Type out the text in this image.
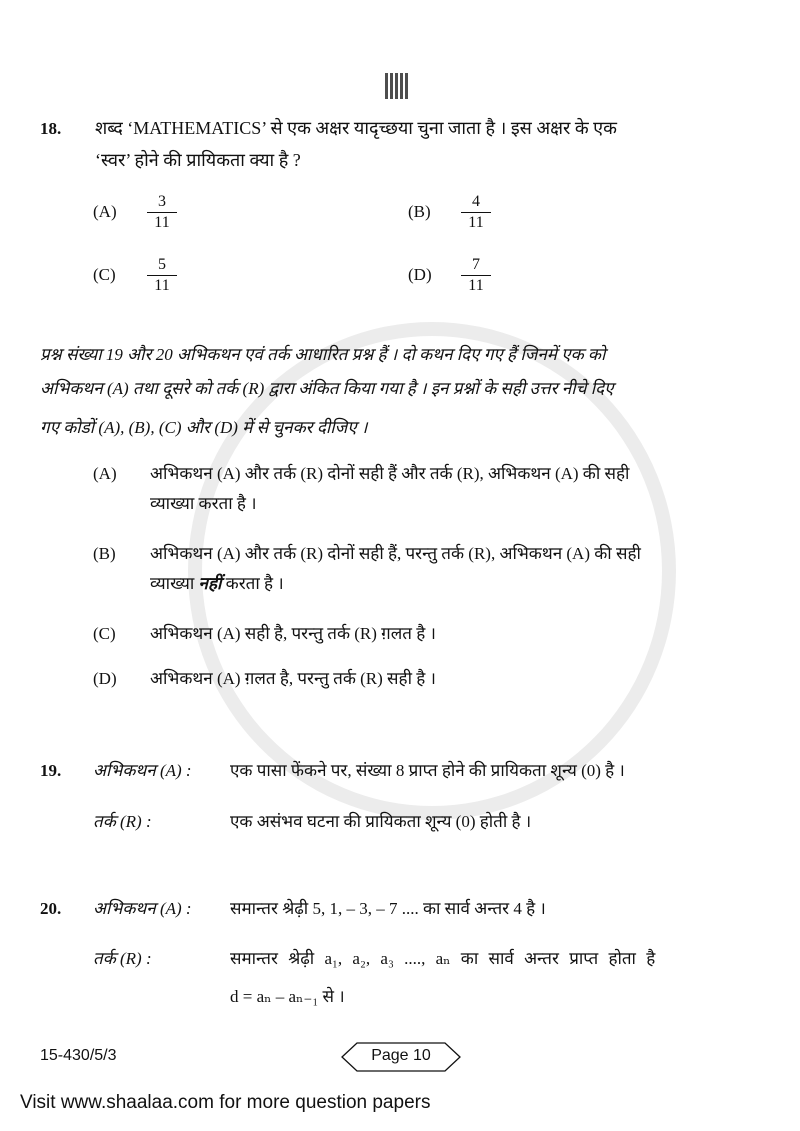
18.	शब्द ‘MATHEMATICS’ से एक अक्षर यादृच्छया चुना जाता है । इस अक्षर के एक
‘स्वर’ होने की प्रायिकता क्या है ?
$(A) \frac{3}{11}$	$(B) \frac{4}{11}$
$(C) \frac{5}{11}$	$(D) \frac{7}{11}$
प्रश्न संख्या 19 और 20 अभिकथन एवं तर्क आधारित प्रश्न हैं । दो कथन दिए गए हैं जिनमें एक को
अभिकथन (A) तथा दूसरे को तर्क (R) द्वारा अंकित किया गया है । इन प्रश्नों के सही उत्तर नीचे दिए
गए कोडों (A), (B), (C) और (D) में से चुनकर दीजिए ।
(A)	अभिकथन (A) और तर्क (R) दोनों सही हैं और तर्क (R), अभिकथन (A) की सही
व्याख्या करता है ।
(B)	अभिकथन (A) और तर्क (R) दोनों सही हैं, परन्तु तर्क (R), अभिकथन (A) की सही
व्याख्या नहीं करता है ।
(C)	अभिकथन (A) सही है, परन्तु तर्क (R) ग़लत है ।
(D)	अभिकथन (A) ग़लत है, परन्तु तर्क (R) सही है ।
19.	अभिकथन (A) :	एक पासा फेंकने पर, संख्या 8 प्राप्त होने की प्रायिकता शून्य (0) है ।
तर्क (R) :	एक असंभव घटना की प्रायिकता शून्य (0) होती है ।
20.	अभिकथन (A) :	समान्तर श्रेढ़ी 5, 1, – 3, – 7 .... का सार्व अन्तर 4 है ।
तर्क (R) :	समान्तर श्रेढ़ी a₁, a₂, a₃ ...., aₙ का सार्व अन्तर प्राप्त होता है
d = aₙ – aₙ₋₁ से ।
15-430/5/3	Page 10
Visit www.shaalaa.com for more question papers
